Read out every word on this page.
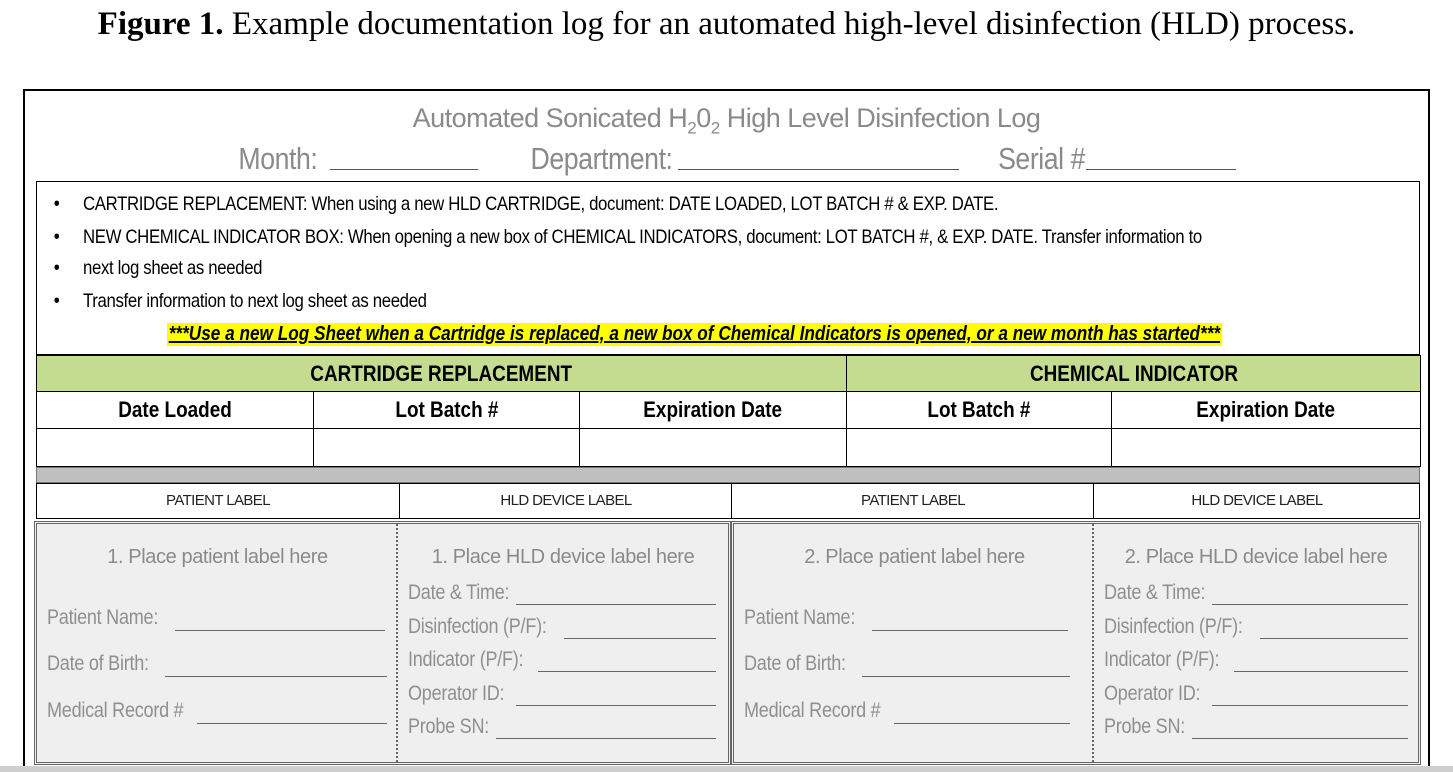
Figure 1. Example documentation log for an automated high-level disinfection (HLD) process.
Automated Sonicated $H_20_2$ High Level Disinfection Log
Month:	Department:	Serial #
• CARTRIDGE REPLACEMENT: When using a new HLD CARTRIDGE, document: DATE LOADED, LOT BATCH # & EXP. DATE.
• NEW CHEMICAL INDICATOR BOX: When opening a new box of CHEMICAL INDICATORS, document: LOT BATCH #, & EXP. DATE. Transfer information to
• next log sheet as needed
• Transfer information to next log sheet as needed
***Use a new Log Sheet when a Cartridge is replaced, a new box of Chemical Indicators is opened, or a new month has started***
CARTRIDGE REPLACEMENT			CHEMICAL INDICATOR	
Date Loaded	Lot Batch #	Expiration Date	Lot Batch #	Expiration Date

PATIENT LABEL	HLD DEVICE LABEL	PATIENT LABEL	HLD DEVICE LABEL
1. Place patient label here
Patient Name:
Date of Birth:
Medical Record #
1. Place HLD device label here
Date & Time:
Disinfection (P/F):
Indicator (P/F):
Operator ID:
Probe SN:
2. Place patient label here
Patient Name:
Date of Birth:
Medical Record #
2. Place HLD device label here
Date & Time:
Disinfection (P/F):
Indicator (P/F):
Operator ID:
Probe SN:
